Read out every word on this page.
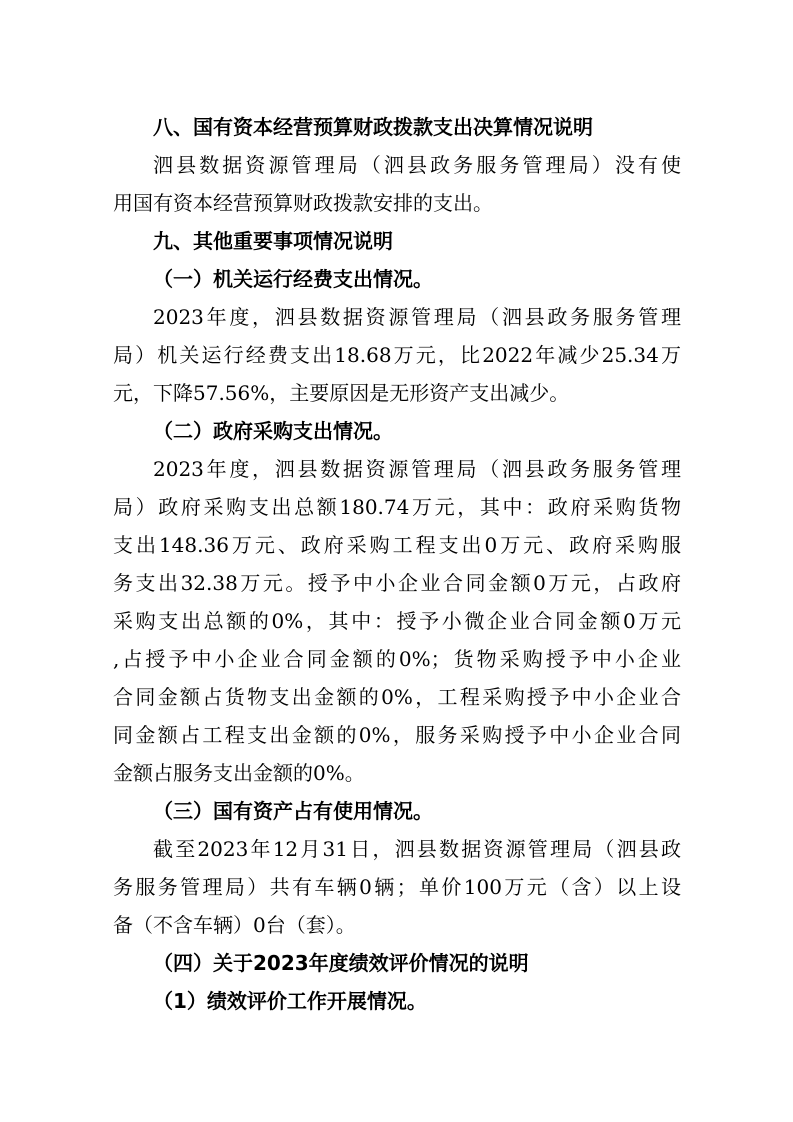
八、国有资本经营预算财政拨款支出决算情况说明
泗县数据资源管理局（泗县政务服务管理局）没有使
用国有资本经营预算财政拨款安排的支出。
九、其他重要事项情况说明
（一）机关运行经费支出情况。
2023年度，泗县数据资源管理局（泗县政务服务管理
局）机关运行经费支出18.68万元，比2022年减少25.34万
元，下降57.56%，主要原因是无形资产支出减少。
（二）政府采购支出情况。
2023年度，泗县数据资源管理局（泗县政务服务管理
局）政府采购支出总额180.74万元，其中：政府采购货物
支出148.36万元、政府采购工程支出0万元、政府采购服
务支出32.38万元。授予中小企业合同金额0万元，占政府
采购支出总额的0%，其中：授予小微企业合同金额0万元
,占授予中小企业合同金额的0%；货物采购授予中小企业
合同金额占货物支出金额的0%，工程采购授予中小企业合
同金额占工程支出金额的0%，服务采购授予中小企业合同
金额占服务支出金额的0%。
（三）国有资产占有使用情况。
截至2023年12月31日，泗县数据资源管理局（泗县政
务服务管理局）共有车辆0辆；单价100万元（含）以上设
备（不含车辆）0台（套）。
（四）关于2023年度绩效评价情况的说明
（1）绩效评价工作开展情况。
